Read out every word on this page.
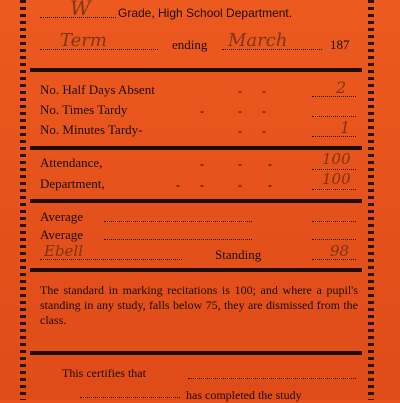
W Grade, High School Department.
Term	ending March	187
No. Half Days Absent	- -	2
No. Times Tardy	-	- -
No. Minutes Tardy-	- -	1
Attendance,	-	- -	100
Department,	- -	- -	100
Average
Average
Ebell	Standing	98
The standard in marking recitations is 100; and where a pupil's standing in any study, falls below 75, they are dismissed from the class.
This certifies that
has completed the study
